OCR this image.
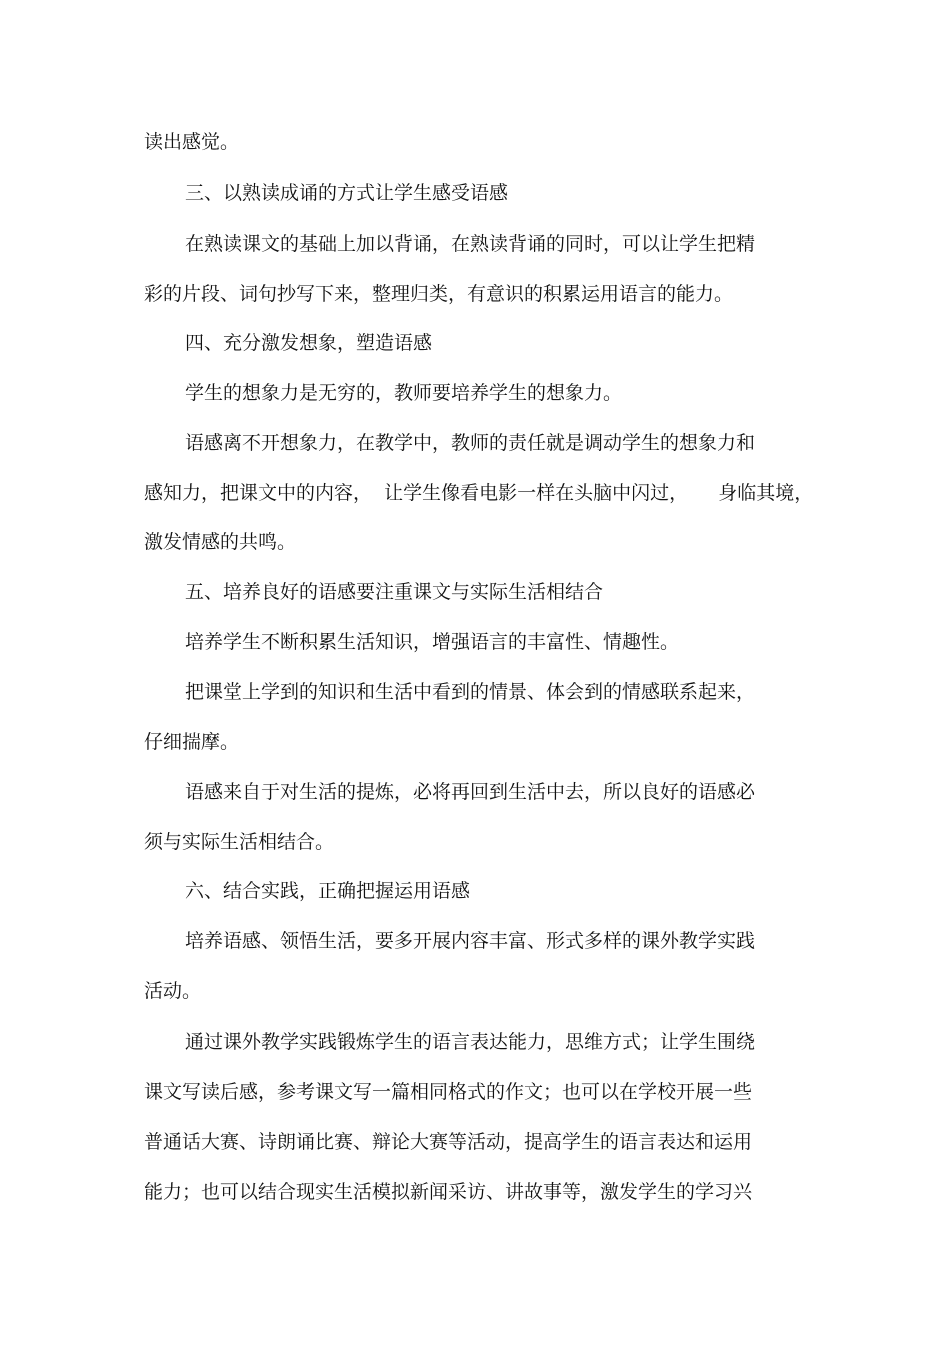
读出感觉。

三、以熟读成诵的方式让学生感受语感

在熟读课文的基础上加以背诵，在熟读背诵的同时，可以让学生把精

彩的片段、词句抄写下来，整理归类，有意识的积累运用语言的能力。

四、充分激发想象，塑造语感

学生的想象力是无穷的，教师要培养学生的想象力。

语感离不开想象力，在教学中，教师的责任就是调动学生的想象力和

感知力，把课文中的内容，  让学生像看电影一样在头脑中闪过，     身临其境，

激发情感的共鸣。

五、培养良好的语感要注重课文与实际生活相结合

培养学生不断积累生活知识，增强语言的丰富性、情趣性。

把课堂上学到的知识和生活中看到的情景、体会到的情感联系起来，

仔细揣摩。

语感来自于对生活的提炼，必将再回到生活中去，所以良好的语感必

须与实际生活相结合。

六、结合实践，正确把握运用语感

培养语感、领悟生活，要多开展内容丰富、形式多样的课外教学实践

活动。

通过课外教学实践锻炼学生的语言表达能力，思维方式；让学生围绕

课文写读后感，参考课文写一篇相同格式的作文；也可以在学校开展一些

普通话大赛、诗朗诵比赛、辩论大赛等活动，提高学生的语言表达和运用

能力；也可以结合现实生活模拟新闻采访、讲故事等，激发学生的学习兴
